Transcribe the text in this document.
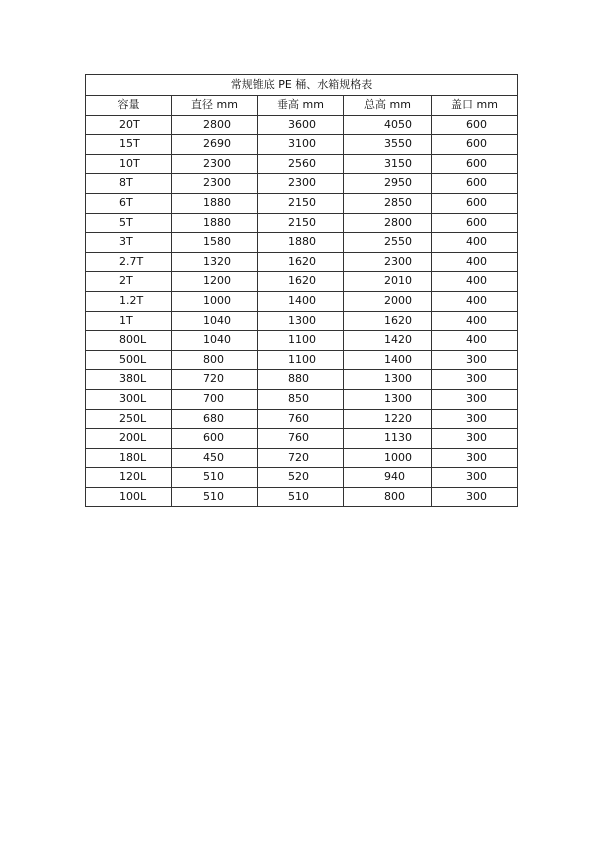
常规锥底 PE 桶、水箱规格表				
容量	直径 mm	垂高 mm	总高 mm	盖口 mm
20T	2800	3600	4050	600
15T	2690	3100	3550	600
10T	2300	2560	3150	600
8T	2300	2300	2950	600
6T	1880	2150	2850	600
5T	1880	2150	2800	600
3T	1580	1880	2550	400
2.7T	1320	1620	2300	400
2T	1200	1620	2010	400
1.2T	1000	1400	2000	400
1T	1040	1300	1620	400
800L	1040	1100	1420	400
500L	800	1100	1400	300
380L	720	880	1300	300
300L	700	850	1300	300
250L	680	760	1220	300
200L	600	760	1130	300
180L	450	720	1000	300
120L	510	520	940	300
100L	510	510	800	300
